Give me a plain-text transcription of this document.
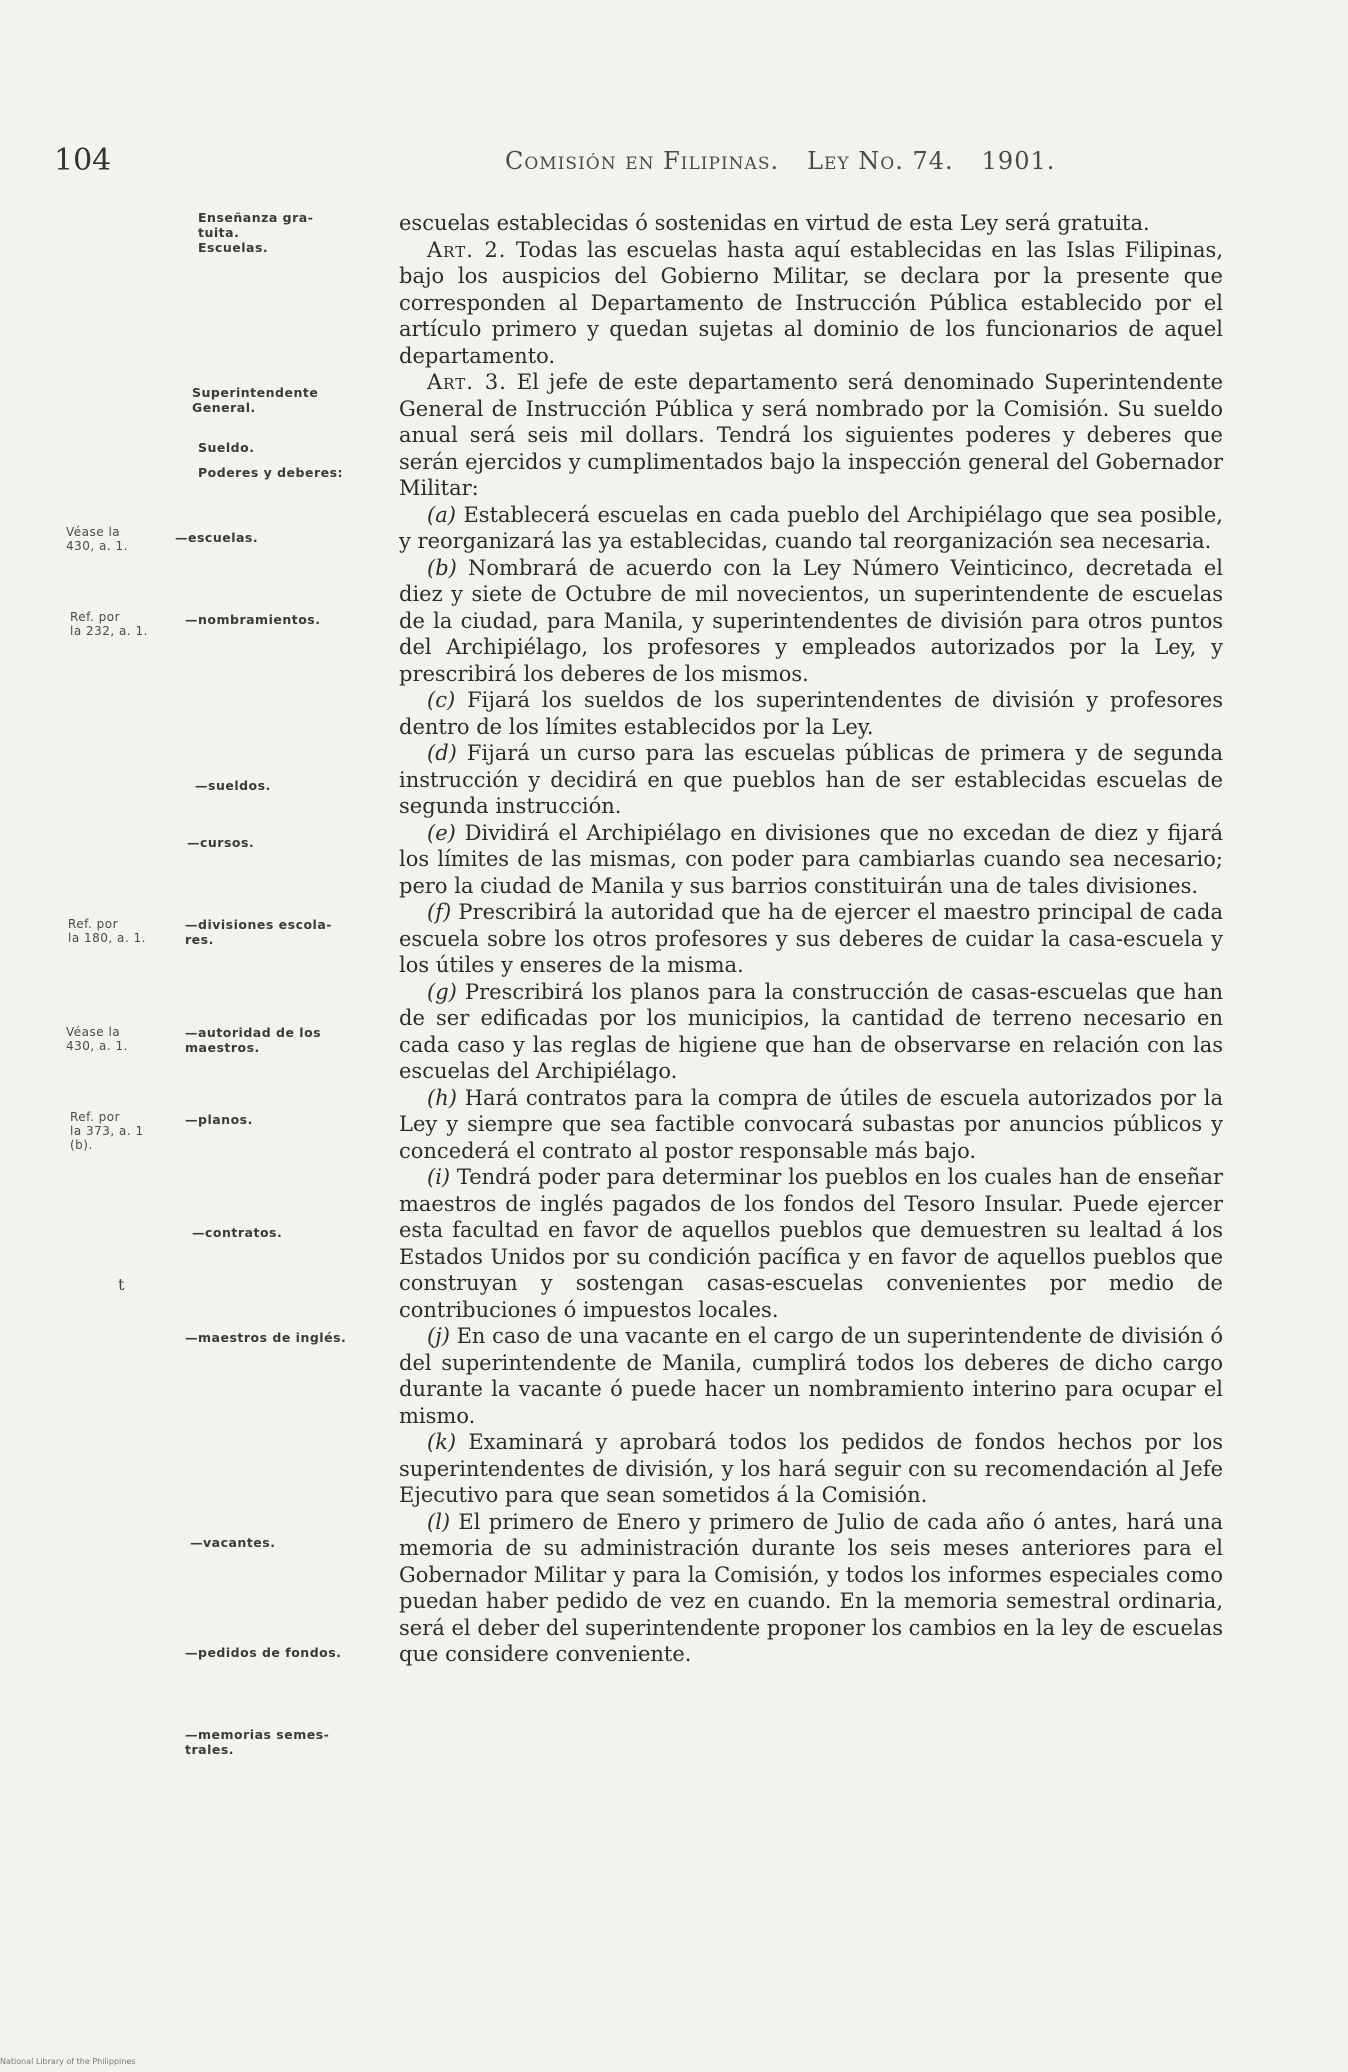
104	Comisión en Filipinas. Ley No. 74. 1901.
Enseñanza gra-
tuita.
Escuelas.
Superintendente
General.
Sueldo.
Poderes y deberes:
Véase la
430, a. 1.
—escuelas.
Ref. por
la 232, a. 1.
—nombramientos.
—sueldos.
—cursos.
Ref. por
la 180, a. 1.
—divisiones escola-
res.
Véase la
430, a. 1.
—autoridad de los
maestros.
Ref. por
la 373, a. 1
(b).
—planos.
—contratos.
t
—maestros de inglés.
—vacantes.
—pedidos de fondos.
—memorias semes-
trales.

escuelas establecidas ó sostenidas en virtud de esta Ley será gratuita.

Art. 2. Todas las escuelas hasta aquí establecidas en las Islas Filipinas, bajo los auspicios del Gobierno Militar, se declara por la presente que corresponden al Departamento de Instrucción Pública establecido por el artículo primero y quedan sujetas al dominio de los funcionarios de aquel departamento.

Art. 3. El jefe de este departamento será denominado Superintendente General de Instrucción Pública y será nombrado por la Comisión. Su sueldo anual será seis mil dollars. Tendrá los siguientes poderes y deberes que serán ejercidos y cumplimentados bajo la inspección general del Gobernador Militar:

(a) Establecerá escuelas en cada pueblo del Archipiélago que sea posible, y reorganizará las ya establecidas, cuando tal reorganización sea necesaria.

(b) Nombrará de acuerdo con la Ley Número Veinticinco, decretada el diez y siete de Octubre de mil novecientos, un superintendente de escuelas de la ciudad, para Manila, y superintendentes de división para otros puntos del Archipiélago, los profesores y empleados autorizados por la Ley, y prescribirá los deberes de los mismos.

(c) Fijará los sueldos de los superintendentes de división y profesores dentro de los límites establecidos por la Ley.

(d) Fijará un curso para las escuelas públicas de primera y de segunda instrucción y decidirá en que pueblos han de ser establecidas escuelas de segunda instrucción.

(e) Dividirá el Archipiélago en divisiones que no excedan de diez y fijará los límites de las mismas, con poder para cambiarlas cuando sea necesario; pero la ciudad de Manila y sus barrios constituirán una de tales divisiones.

(f) Prescribirá la autoridad que ha de ejercer el maestro principal de cada escuela sobre los otros profesores y sus deberes de cuidar la casa-escuela y los útiles y enseres de la misma.

(g) Prescribirá los planos para la construcción de casas-escuelas que han de ser edificadas por los municipios, la cantidad de terreno necesario en cada caso y las reglas de higiene que han de observarse en relación con las escuelas del Archipiélago.

(h) Hará contratos para la compra de útiles de escuela autorizados por la Ley y siempre que sea factible convocará subastas por anuncios públicos y concederá el contrato al postor responsable más bajo.

(i) Tendrá poder para determinar los pueblos en los cuales han de enseñar maestros de inglés pagados de los fondos del Tesoro Insular. Puede ejercer esta facultad en favor de aquellos pueblos que demuestren su lealtad á los Estados Unidos por su condición pacífica y en favor de aquellos pueblos que construyan y sostengan casas-escuelas convenientes por medio de contribuciones ó impuestos locales.

(j) En caso de una vacante en el cargo de un superintendente de división ó del superintendente de Manila, cumplirá todos los deberes de dicho cargo durante la vacante ó puede hacer un nombramiento interino para ocupar el mismo.

(k) Examinará y aprobará todos los pedidos de fondos hechos por los superintendentes de división, y los hará seguir con su recomendación al Jefe Ejecutivo para que sean sometidos á la Comisión.

(l) El primero de Enero y primero de Julio de cada año ó antes, hará una memoria de su administración durante los seis meses anteriores para el Gobernador Militar y para la Comisión, y todos los informes especiales como puedan haber pedido de vez en cuando. En la memoria semestral ordinaria, será el deber del superintendente proponer los cambios en la ley de escuelas que considere conveniente.

National Library of the Philippines
